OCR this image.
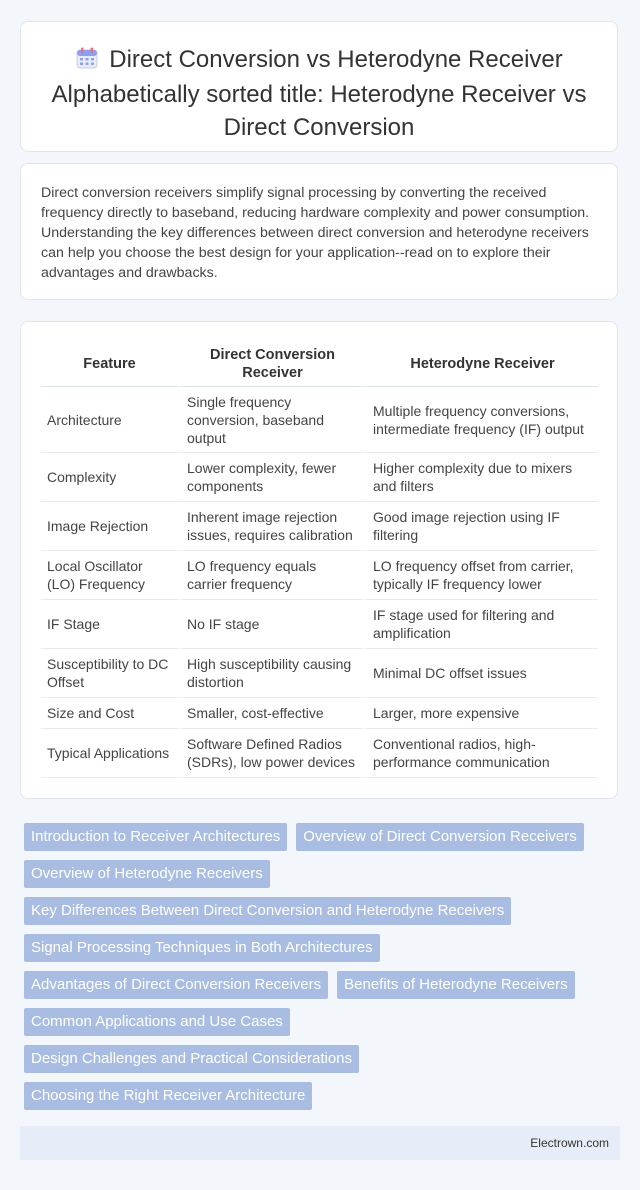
Direct Conversion vs Heterodyne Receiver
Alphabetically sorted title: Heterodyne Receiver vs Direct Conversion
Direct conversion receivers simplify signal processing by converting the received frequency directly to baseband, reducing hardware complexity and power consumption. Understanding the key differences between direct conversion and heterodyne receivers can help you choose the best design for your application--read on to explore their advantages and drawbacks.
Feature	Direct Conversion Receiver	Heterodyne Receiver
Architecture	Single frequency conversion, baseband output	Multiple frequency conversions, intermediate frequency (IF) output
Complexity	Lower complexity, fewer components	Higher complexity due to mixers and filters
Image Rejection	Inherent image rejection issues, requires calibration	Good image rejection using IF filtering
Local Oscillator (LO) Frequency	LO frequency equals carrier frequency	LO frequency offset from carrier, typically IF frequency lower
IF Stage	No IF stage	IF stage used for filtering and amplification
Susceptibility to DC Offset	High susceptibility causing distortion	Minimal DC offset issues
Size and Cost	Smaller, cost-effective	Larger, more expensive
Typical Applications	Software Defined Radios (SDRs), low power devices	Conventional radios, high-performance communication
Introduction to Receiver Architectures	Overview of Direct Conversion Receivers
Overview of Heterodyne Receivers
Key Differences Between Direct Conversion and Heterodyne Receivers
Signal Processing Techniques in Both Architectures
Advantages of Direct Conversion Receivers	Benefits of Heterodyne Receivers
Common Applications and Use Cases
Design Challenges and Practical Considerations
Choosing the Right Receiver Architecture
Electrown.com
